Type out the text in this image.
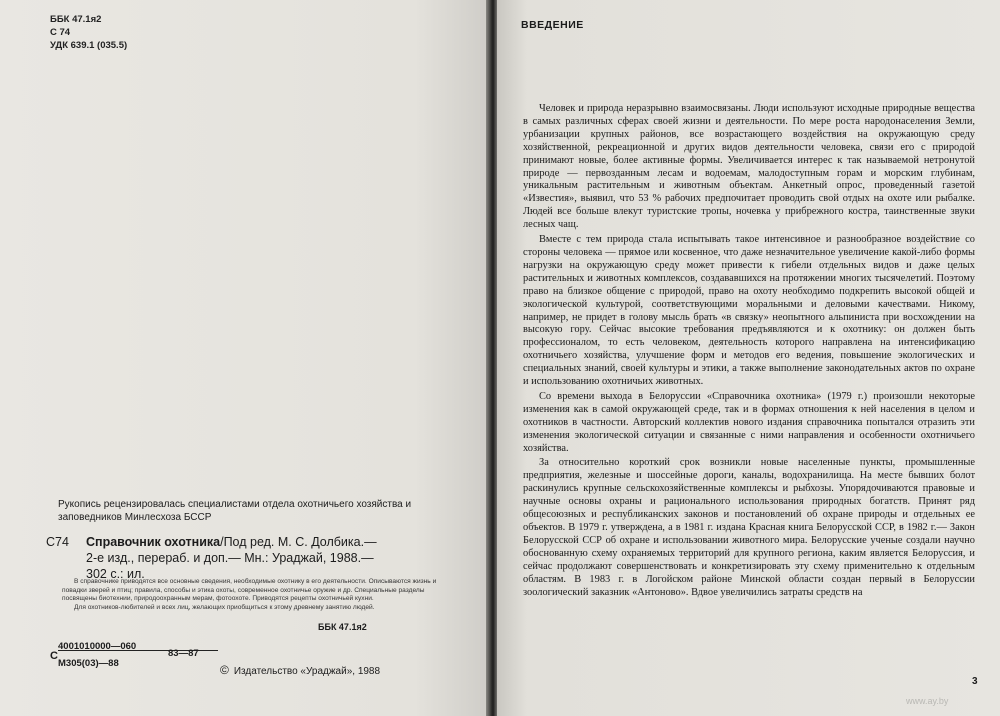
ББК 47.1я2
С 74
УДК 639.1 (035.5)
Рукопись рецензировалась специалистами отдела охотничьего хозяйства и заповедников Минлесхоза БССР
С74 Справочник охотника/Под ред. М. С. Долбика.—
2-е изд., перераб. и доп.— Мн.: Ураджай, 1988.—
302 с.: ил.

В справочнике приводятся все основные сведения, необходимые охотнику в его деятельности. Описываются жизнь и повадки зверей и птиц; правила, способы и этика охоты, современное охотничье оружие и др. Специальные разделы посвящены биотехнии, природоохранным мерам, фотоохоте. Приводятся рецепты охотничьей кухни.

Для охотников-любителей и всех лиц, желающих приобщиться к этому древнему занятию людей.

ББК 47.1я2
С
4001010000—060
83—87
М305(03)—88	© Издательство «Ураджай», 1988
ВВЕДЕНИЕ

Человек и природа неразрывно взаимосвязаны. Люди используют исходные природные вещества в самых различных сферах своей жизни и деятельности. По мере роста народонаселения Земли, урбанизации крупных районов, все возрастающего воздействия на окружающую среду хозяйственной, рекреационной и других видов деятельности человека, связи его с природой принимают новые, более активные формы. Увеличивается интерес к так называемой нетронутой природе — первозданным лесам и водоемам, малодоступным горам и морским глубинам, уникальным растительным и животным объектам. Анкетный опрос, проведенный газетой «Известия», выявил, что 53 % рабочих предпочитает проводить свой отдых на охоте или рыбалке. Людей все больше влекут туристские тропы, ночевка у прибрежного костра, таинственные звуки лесных чащ.

Вместе с тем природа стала испытывать такое интенсивное и разнообразное воздействие со стороны человека — прямое или косвенное, что даже незначительное увеличение какой-либо формы нагрузки на окружающую среду может привести к гибели отдельных видов и даже целых растительных и животных комплексов, создававшихся на протяжении многих тысячелетий. Поэтому право на близкое общение с природой, право на охоту необходимо подкрепить высокой общей и экологической культурой, соответствующими моральными и деловыми качествами. Никому, например, не придет в голову мысль брать «в связку» неопытного альпиниста при восхождении на высокую гору. Сейчас высокие требования предъявляются и к охотнику: он должен быть профессионалом, то есть человеком, деятельность которого направлена на интенсификацию охотничьего хозяйства, улучшение форм и методов его ведения, повышение экологических и специальных знаний, своей культуры и этики, а также выполнение законодательных актов по охране и использованию охотничьих животных.

Со времени выхода в Белоруссии «Справочника охотника» (1979 г.) произошли некоторые изменения как в самой окружающей среде, так и в формах отношения к ней населения в целом и охотников в частности. Авторский коллектив нового издания справочника попытался отразить эти изменения экологической ситуации и связанные с ними направления и особенности охотничьего хозяйства.

За относительно короткий срок возникли новые населенные пункты, промышленные предприятия, железные и шоссейные дороги, каналы, водохранилища. На месте бывших болот раскинулись крупные сельскохозяйственные комплексы и рыбхозы. Упорядочиваются правовые и научные основы охраны и рационального использования природных богатств. Принят ряд общесоюзных и республиканских законов и постановлений об охране природы и отдельных ее объектов. В 1979 г. утверждена, а в 1981 г. издана Красная книга Белорусской ССР, в 1982 г.— Закон Белорусской ССР об охране и использовании животного мира. Белорусские ученые создали научно обоснованную схему охраняемых территорий для крупного региона, каким является Белоруссия, и сейчас продолжают совершенствовать и конкретизировать эту схему применительно к отдельным областям. В 1983 г. в Логойском районе Минской области создан первый в Белоруссии зоологический заказник «Антоново». Вдвое увеличились затраты средств на

3
www.ay.by
